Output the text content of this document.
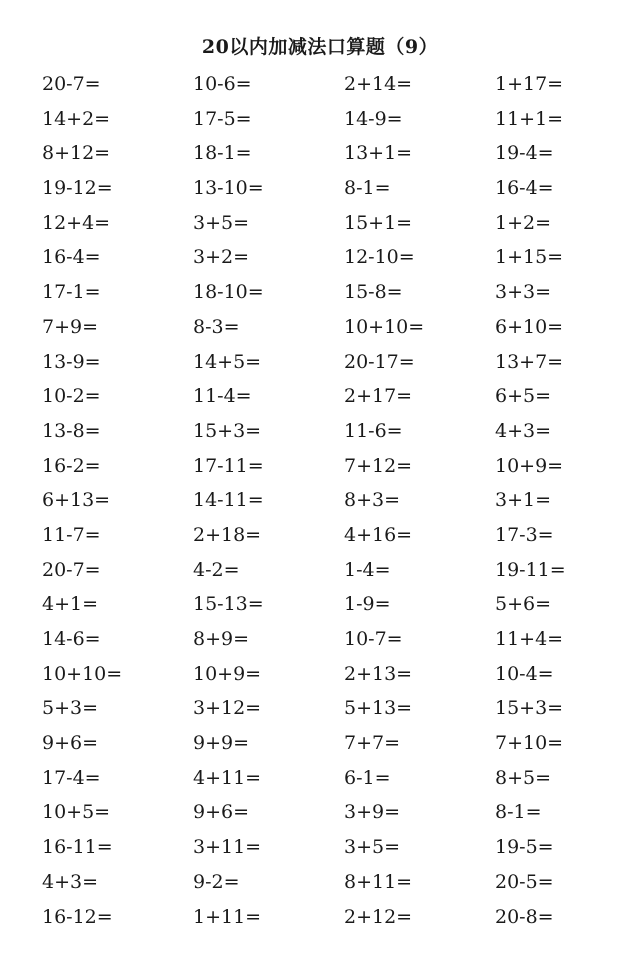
20以内加减法口算题（9）
20-7=	10-6=	2+14=	1+17=
14+2=	17-5=	14-9=	11+1=
8+12=	18-1=	13+1=	19-4=
19-12=	13-10=	8-1=	16-4=
12+4=	3+5=	15+1=	1+2=
16-4=	3+2=	12-10=	1+15=
17-1=	18-10=	15-8=	3+3=
7+9=	8-3=	10+10=	6+10=
13-9=	14+5=	20-17=	13+7=
10-2=	11-4=	2+17=	6+5=
13-8=	15+3=	11-6=	4+3=
16-2=	17-11=	7+12=	10+9=
6+13=	14-11=	8+3=	3+1=
11-7=	2+18=	4+16=	17-3=
20-7=	4-2=	1-4=	19-11=
4+1=	15-13=	1-9=	5+6=
14-6=	8+9=	10-7=	11+4=
10+10=	10+9=	2+13=	10-4=
5+3=	3+12=	5+13=	15+3=
9+6=	9+9=	7+7=	7+10=
17-4=	4+11=	6-1=	8+5=
10+5=	9+6=	3+9=	8-1=
16-11=	3+11=	3+5=	19-5=
4+3=	9-2=	8+11=	20-5=
16-12=	1+11=	2+12=	20-8=
